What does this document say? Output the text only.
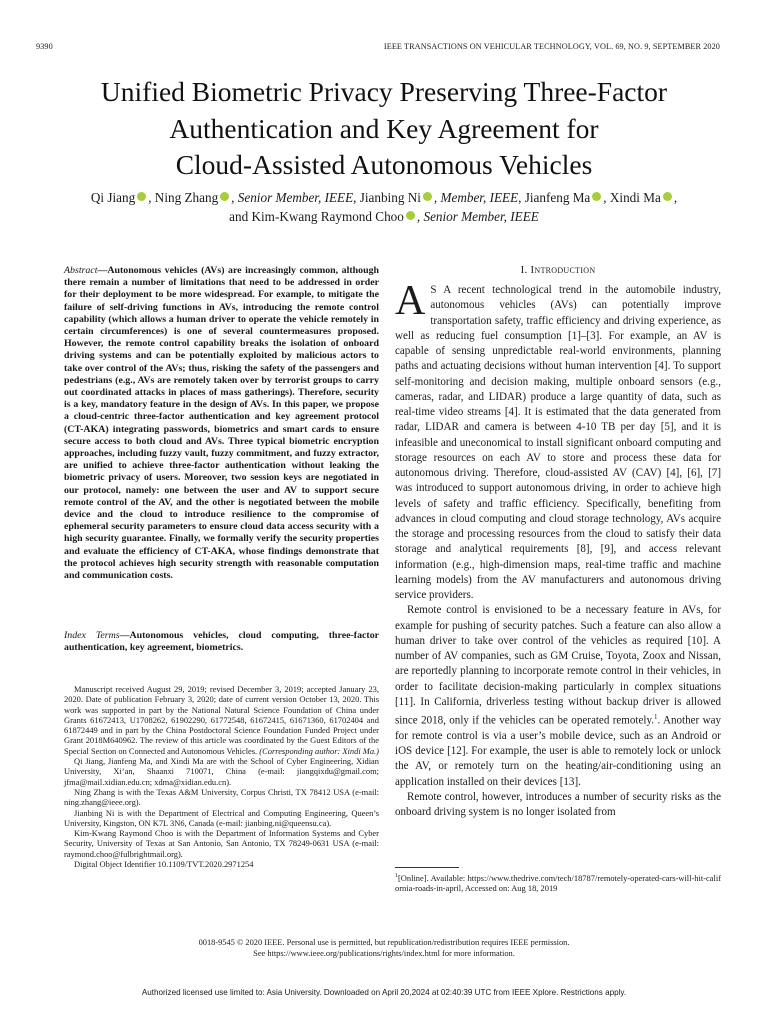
9390	IEEE TRANSACTIONS ON VEHICULAR TECHNOLOGY, VOL. 69, NO. 9, SEPTEMBER 2020
Unified Biometric Privacy Preserving Three-Factor
Authentication and Key Agreement for
Cloud-Assisted Autonomous Vehicles
Qi Jiang , Ning Zhang , Senior Member, IEEE, Jianbing Ni , Member, IEEE, Jianfeng Ma , Xindi Ma ,
and Kim-Kwang Raymond Choo , Senior Member, IEEE
Abstract—Autonomous vehicles (AVs) are increasingly common, although there remain a number of limitations that need to be addressed in order for their deployment to be more widespread. For example, to mitigate the failure of self-driving functions in AVs, introducing the remote control capability (which allows a human driver to operate the vehicle remotely in certain circumferences) is one of several countermeasures proposed. However, the remote control capability breaks the isolation of onboard driving systems and can be potentially exploited by malicious actors to take over control of the AVs; thus, risking the safety of the passengers and pedestrians (e.g., AVs are remotely taken over by terrorist groups to carry out coordinated attacks in places of mass gatherings). Therefore, security is a key, mandatory feature in the design of AVs. In this paper, we propose a cloud-centric three-factor authentication and key agreement protocol (CT-AKA) integrating passwords, biometrics and smart cards to ensure secure access to both cloud and AVs. Three typical biometric encryption approaches, including fuzzy vault, fuzzy commitment, and fuzzy extractor, are unified to achieve three-factor authentication without leaking the biometric privacy of users. Moreover, two session keys are negotiated in our protocol, namely: one between the user and AV to support secure remote control of the AV, and the other is negotiated between the mobile device and the cloud to introduce resilience to the compromise of ephemeral security parameters to ensure cloud data access security with a high security guarantee. Finally, we formally verify the security properties and evaluate the efficiency of CT-AKA, whose findings demonstrate that the protocol achieves high security strength with reasonable computation and communication costs.
Index Terms—Autonomous vehicles, cloud computing, three-factor authentication, key agreement, biometrics.

Manuscript received August 29, 2019; revised December 3, 2019; accepted January 23, 2020. Date of publication February 3, 2020; date of current version October 13, 2020. This work was supported in part by the National Natural Science Foundation of China under Grants 61672413, U1708262, 61902290, 61772548, 61672415, 61671360, 61702404 and 61872449 and in part by the China Postdoctoral Science Foundation Funded Project under Grant 2018M640962. The review of this article was coordinated by the Guest Editors of the Special Section on Connected and Autonomous Vehicles. (Corresponding author: Xindi Ma.)

Qi Jiang, Jianfeng Ma, and Xindi Ma are with the School of Cyber Engineering, Xidian University, Xi’an, Shaanxi 710071, China (e-mail: jiangqixdu@gmail.com; jfma@mail.xidian.edu.cn; xdma@xidian.edu.cn).

Ning Zhang is with the Texas A&M University, Corpus Christi, TX 78412 USA (e-mail: ning.zhang@ieee.org).

Jianbing Ni is with the Department of Electrical and Computing Engineering, Queen’s University, Kingston, ON K7L 3N6, Canada (e-mail: jianbing.ni@queensu.ca).

Kim-Kwang Raymond Choo is with the Department of Information Systems and Cyber Security, University of Texas at San Antonio, San Antonio, TX 78249-0631 USA (e-mail: raymond.choo@fulbrightmail.org).

Digital Object Identifier 10.1109/TVT.2020.2971254

I. Introduction

A S A recent technological trend in the automobile industry, autonomous vehicles (AVs) can potentially improve transportation safety, traffic efficiency and driving experience, as well as reducing fuel consumption [1]–[3]. For example, an AV is capable of sensing unpredictable real-world environments, planning paths and actuating decisions without human intervention [4]. To support self-monitoring and decision making, multiple onboard sensors (e.g., cameras, radar, and LIDAR) produce a large quantity of data, such as real-time video streams [4]. It is estimated that the data generated from radar, LIDAR and camera is between 4-10 TB per day [5], and it is infeasible and uneconomical to install significant onboard computing and storage resources on each AV to store and process these data for autonomous driving. Therefore, cloud-assisted AV (CAV) [4], [6], [7] was introduced to support autonomous driving, in order to achieve high levels of safety and traffic efficiency. Specifically, benefiting from advances in cloud computing and cloud storage technology, AVs acquire the storage and processing resources from the cloud to satisfy their data storage and analytical requirements [8], [9], and access relevant information (e.g., high-dimension maps, real-time traffic and machine learning models) from the AV manufacturers and autonomous driving service providers.

Remote control is envisioned to be a necessary feature in AVs, for example for pushing of security patches. Such a feature can also allow a human driver to take over control of the vehicles as required [10]. A number of AV companies, such as GM Cruise, Toyota, Zoox and Nissan, are reportedly planning to incorporate remote control in their vehicles, in order to facilitate decision-making particularly in complex situations [11]. In California, driverless testing without backup driver is allowed since 2018, only if the vehicles can be operated remotely.$^1$. Another way for remote control is via a user’s mobile device, such as an Android or iOS device [12]. For example, the user is able to remotely lock or unlock the AV, or remotely turn on the heating/air-conditioning using an application installed on their devices [13].

Remote control, however, introduces a number of security risks as the onboard driving system is no longer isolated from

$^1$[Online]. Available: https://www.thedrive.com/tech/18787/remotely-operated-cars-will-hit-calif ornia-roads-in-april, Accessed on: Aug 18, 2019
0018-9545 © 2020 IEEE. Personal use is permitted, but republication/redistribution requires IEEE permission.
See https://www.ieee.org/publications/rights/index.html for more information.
Authorized licensed use limited to: Asia University. Downloaded on April 20,2024 at 02:40:39 UTC from IEEE Xplore. Restrictions apply.
